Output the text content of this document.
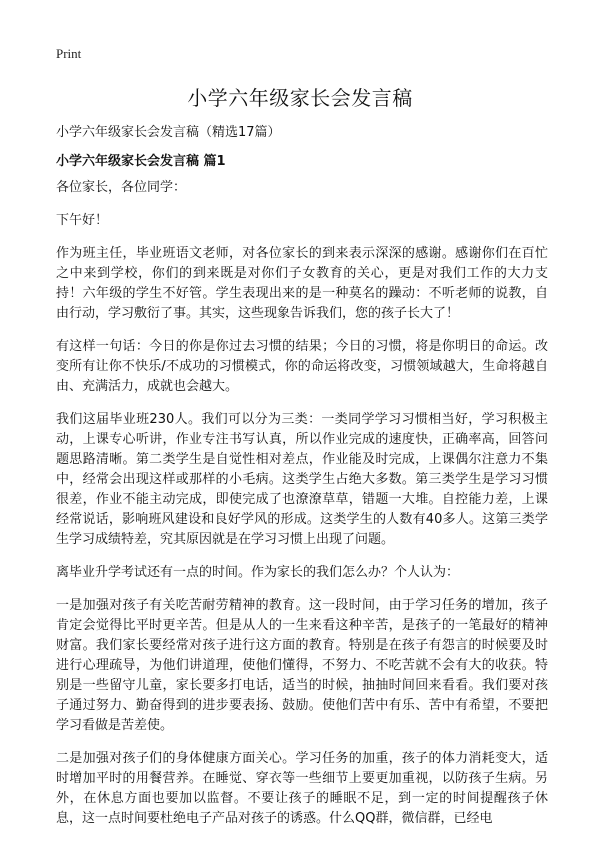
Print
小学六年级家长会发言稿

小学六年级家长会发言稿（精选17篇）

小学六年级家长会发言稿 篇1

各位家长，各位同学：

下午好！

作为班主任，毕业班语文老师，对各位家长的到来表示深深的感谢。感谢你们在百忙之中来到学校，你们的到来既是对你们子女教育的关心，更是对我们工作的大力支持！六年级的学生不好管。学生表现出来的是一种莫名的躁动：不听老师的说教，自由行动，学习敷衍了事。其实，这些现象告诉我们，您的孩子长大了！

有这样一句话：今日的你是你过去习惯的结果；今日的习惯，将是你明日的命运。改变所有让你不快乐/不成功的习惯模式，你的命运将改变，习惯领域越大，生命将越自由、充满活力，成就也会越大。

我们这届毕业班230人。我们可以分为三类：一类同学学习习惯相当好，学习积极主动，上课专心听讲，作业专注书写认真，所以作业完成的速度快，正确率高，回答问题思路清晰。第二类学生是自觉性相对差点，作业能及时完成，上课偶尔注意力不集中，经常会出现这样或那样的小毛病。这类学生占绝大多数。第三类学生是学习习惯很差，作业不能主动完成，即使完成了也潦潦草草，错题一大堆。自控能力差，上课经常说话，影响班风建设和良好学风的形成。这类学生的人数有40多人。这第三类学生学习成绩特差，究其原因就是在学习习惯上出现了问题。

离毕业升学考试还有一点的时间。作为家长的我们怎么办？个人认为：

一是加强对孩子有关吃苦耐劳精神的教育。这一段时间，由于学习任务的增加，孩子肯定会觉得比平时更辛苦。但是从人的一生来看这种辛苦，是孩子的一笔最好的精神财富。我们家长要经常对孩子进行这方面的教育。特别是在孩子有怨言的时候要及时进行心理疏导，为他们讲道理，使他们懂得，不努力、不吃苦就不会有大的收获。特别是一些留守儿童，家长要多打电话，适当的时候，抽抽时间回来看看。我们要对孩子通过努力、勤奋得到的进步要表扬、鼓励。使他们苦中有乐、苦中有希望，不要把学习看做是苦差使。

二是加强对孩子们的身体健康方面关心。学习任务的加重，孩子的体力消耗变大，适时增加平时的用餐营养。在睡觉、穿衣等一些细节上要更加重视，以防孩子生病。另外，在休息方面也要加以监督。不要让孩子的睡眠不足，到一定的时间提醒孩子休息，这一点时间要杜绝电子产品对孩子的诱惑。什么QQ群，微信群，已经电
